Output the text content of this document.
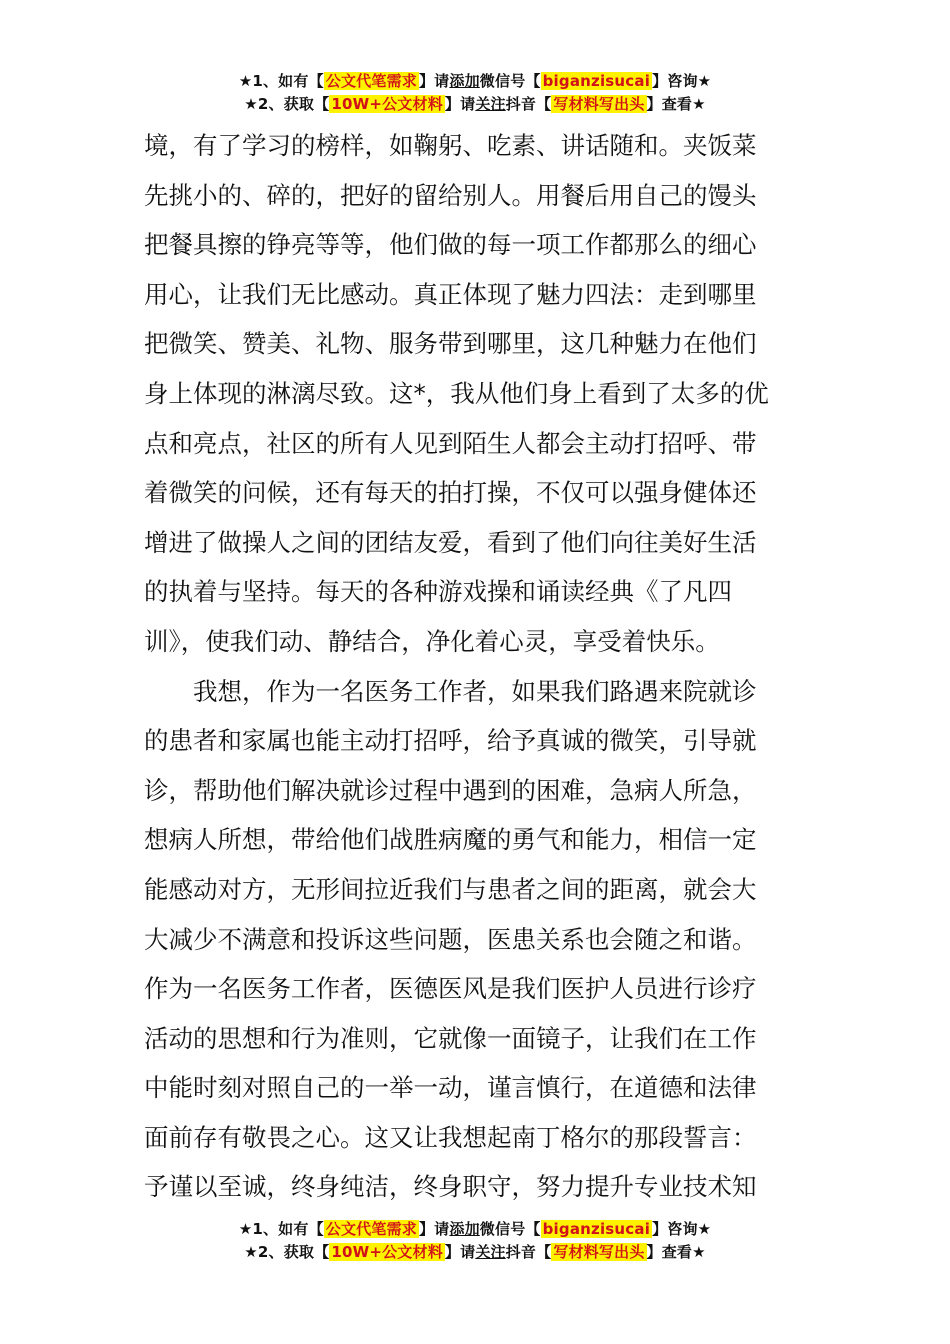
★1、如有【 公文代笔需求 】请添加微信号【 biganzisucai 】咨询★
★2、获取【 10W+公文材料 】请关注抖音【 写材料写出头 】查看★
境，有了学习的榜样，如鞠躬、吃素、讲话随和。夹饭菜
先挑小的、碎的，把好的留给别人。用餐后用自己的馒头
把餐具擦的铮亮等等，他们做的每一项工作都那么的细心
用心，让我们无比感动。真正体现了魅力四法：走到哪里
把微笑、赞美、礼物、服务带到哪里，这几种魅力在他们
身上体现的淋漓尽致。这*，我从他们身上看到了太多的优
点和亮点，社区的所有人见到陌生人都会主动打招呼、带
着微笑的问候，还有每天的拍打操，不仅可以强身健体还
增进了做操人之间的团结友爱，看到了他们向往美好生活
的执着与坚持。每天的各种游戏操和诵读经典《了凡四
训》，使我们动、静结合，净化着心灵，享受着快乐。
我想，作为一名医务工作者，如果我们路遇来院就诊
的患者和家属也能主动打招呼，给予真诚的微笑，引导就
诊，帮助他们解决就诊过程中遇到的困难，急病人所急，
想病人所想，带给他们战胜病魔的勇气和能力，相信一定
能感动对方，无形间拉近我们与患者之间的距离，就会大
大减少不满意和投诉这些问题，医患关系也会随之和谐。
作为一名医务工作者，医德医风是我们医护人员进行诊疗
活动的思想和行为准则，它就像一面镜子，让我们在工作
中能时刻对照自己的一举一动，谨言慎行，在道德和法律
面前存有敬畏之心。这又让我想起南丁格尔的那段誓言：
予谨以至诚，终身纯洁，终身职守，努力提升专业技术知
★1、如有【 公文代笔需求 】请添加微信号【 biganzisucai 】咨询★
★2、获取【 10W+公文材料 】请关注抖音【 写材料写出头 】查看★
